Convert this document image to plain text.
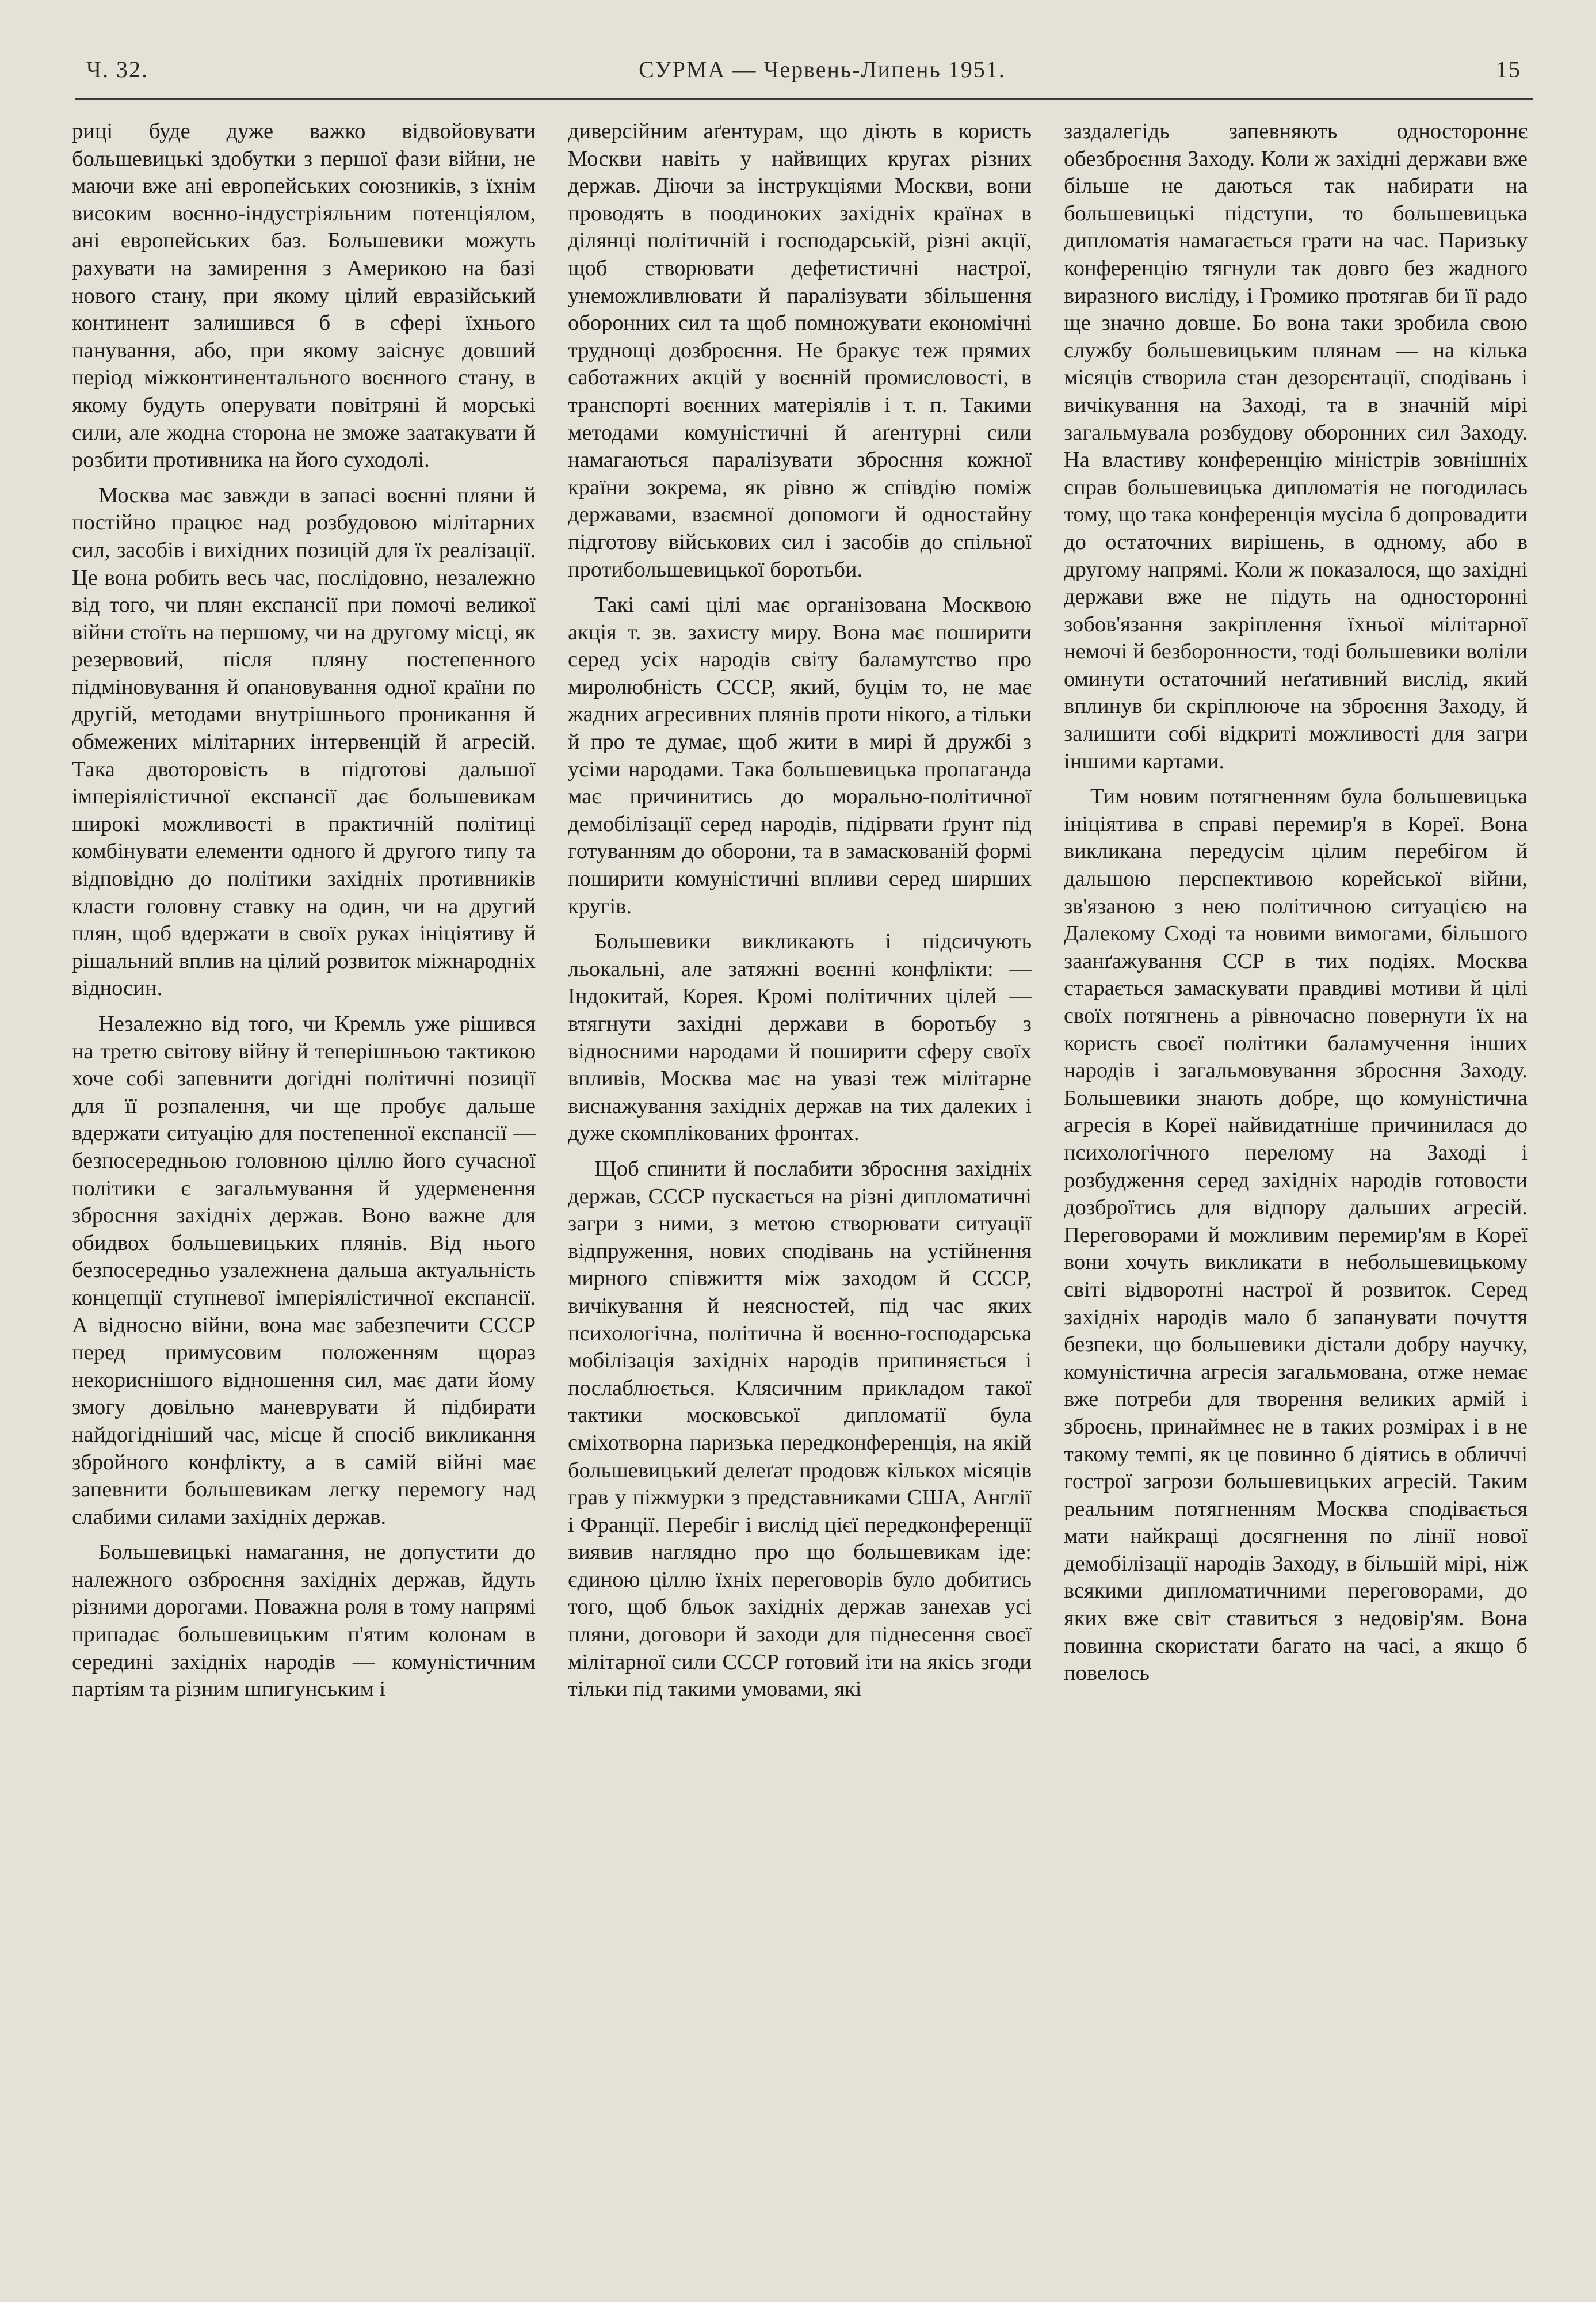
Ч. 32.	СУРМА — Червень-Липень 1951.	15

риці буде дуже важко відвойовувати большевицькі здобутки з першої фази війни, не маючи вже ані европейських союзників, з їхнім високим воєнно-індустріяльним потенціялом, ані европейських баз. Большевики можуть рахувати на замирення з Америкою на базі нового стану, при якому цілий евразійський континент залишився б в сфері їхнього панування, або, при якому заіснує довший період міжконтинентального воєнного стану, в якому будуть оперувати повітряні й морські сили, але жодна сторона не зможе заатакувати й розбити противника на його суходолі.

Москва має завжди в запасі воєнні пляни й постійно працює над розбудовою мілітарних сил, засобів і вихідних позицій для їх реалізації. Це вона робить весь час, послідовно, незалежно від того, чи плян експансії при помочі великої війни стоїть на першому, чи на другому місці, як резервовий, після пляну постепенного підміновування й опановування одної країни по другій, методами внутрішнього проникання й обмежених мілітарних інтервенцій й агресій. Така двоторовість в підготові дальшої імперіялістичної експансії дає большевикам широкі можливості в практичній політиці комбінувати елементи одного й другого типу та відповідно до політики західніх противників класти головну ставку на один, чи на другий плян, щоб вдержати в своїх руках ініціятиву й рішальний вплив на цілий розвиток міжнародніх відносин.

Незалежно від того, чи Кремль уже рішився на третю світову війну й теперішньою тактикою хоче собі запевнити догідні політичні позиції для її розпалення, чи ще пробує дальше вдержати ситуацію для постепенної експансії — безпосередньою головною ціллю його сучасної політики є загальмування й удерменення збросння західніх держав. Воно важне для обидвох большевицьких плянів. Від нього безпосередньо узалежнена дальша актуальність концепції ступневої імперіялістичної експансії. А відносно війни, вона має забезпечити СССР перед примусовим положенням щораз некориснішого відношення сил, має дати йому змогу довільно маневрувати й підбирати найдогідніший час, місце й спосіб викликання збройного конфлікту, а в самій війні має запевнити большевикам легку перемогу над слабими силами західніх держав.

Большевицькі намагання, не допустити до належного озброєння західніх держав, йдуть різними дорогами. Поважна роля в тому напрямі припадає большевицьким п'ятим колонам в середині західніх народів — комуністичним партіям та різним шпигунським і

диверсійним аґентурам, що діють в користь Москви навіть у найвищих кругах різних держав. Діючи за інструкціями Москви, вони проводять в поодиноких західніх країнах в ділянці політичній і господарській, різні акції, щоб створювати дефетистичні настрої, унеможливлювати й паралізувати збільшення оборонних сил та щоб помножувати економічні труднощі дозброєння. Не бракує теж прямих саботажних акцій у воєнній промисловості, в транспорті воєнних матеріялів і т. п. Такими методами комуністичні й аґентурні сили намагаються паралізувати збросння кожної країни зокрема, як рівно ж співдію поміж державами, взаємної допомоги й одностайну підготову військових сил і засобів до спільної протибольшевицької боротьби.

Такі самі цілі має організована Москвою акція т. зв. захисту миру. Вона має поширити серед усіх народів світу баламутство про миролюбність СССР, який, буцім то, не має жадних агресивних плянів проти нікого, а тільки й про те думає, щоб жити в мирі й дружбі з усіми народами. Така большевицька пропаганда має причинитись до морально-політичної демобілізації серед народів, підірвати ґрунт під готуванням до оборони, та в замаскованій формі поширити комуністичні впливи серед ширших кругів.

Большевики викликають і підсичують льокальні, але затяжні воєнні конфлікти: — Індокитай, Корея. Кромі політичних цілей — втягнути західні держави в боротьбу з відносними народами й поширити сферу своїх впливів, Москва має на увазі теж мілітарне виснажування західніх держав на тих далеких і дуже скомплікованих фронтах.

Щоб спинити й послабити збросння західніх держав, СССР пускається на різні дипломатичні загри з ними, з метою створювати ситуації відпруження, нових сподівань на устійнення мирного співжиття між заходом й СССР, вичікування й неясностей, під час яких психологічна, політична й воєнно-господарська мобілізація західніх народів припиняється і послаблюється. Клясичним прикладом такої тактики московської дипломатії була сміхотворна паризька передконференція, на якій большевицький делеґат продовж кількох місяців грав у піжмурки з представниками США, Англії і Франції. Перебіг і вислід цієї передконференції виявив наглядно про що большевикам іде: єдиною ціллю їхніх переговорів було добитись того, щоб бльок західніх держав занехав усі пляни, договори й заходи для піднесення своєї мілітарної сили СССР готовий іти на якісь згоди тільки під такими умовами, які

заздалегідь запевняють одностороннє обезброєння Заходу. Коли ж західні держави вже більше не даються так набирати на большевицькі підступи, то большевицька дипломатія намагається грати на час. Паризьку конференцію тягнули так довго без жадного виразного висліду, і Громико протягав би її радо ще значно довше. Бо вона таки зробила свою службу большевицьким плянам — на кілька місяців створила стан дезорєнтації, сподівань і вичікування на Заході, та в значній мірі загальмувала розбудову оборонних сил Заходу. На властиву конференцію міністрів зовнішніх справ большевицька дипломатія не погодилась тому, що така конференція мусіла б допровадити до остаточних вирішень, в одному, або в другому напрямі. Коли ж показалося, що західні держави вже не підуть на односторонні зобов'язання закріплення їхньої мілітарної немочі й безборонности, тоді большевики воліли оминути остаточний неґативний вислід, який вплинув би скріплююче на зброєння Заходу, й залишити собі відкриті можливості для загри іншими картами.

Тим новим потягненням була большевицька ініціятива в справі перемир'я в Кореї. Вона викликана передусім цілим перебігом й дальшою перспективою корейської війни, зв'язаною з нею політичною ситуацією на Далекому Сході та новими вимогами, більшого заанґажування ССР в тих подіях. Москва старається замаскувати правдиві мотиви й цілі своїх потягнень а рівночасно повернути їх на користь своєї політики баламучення інших народів і загальмовування збросння Заходу. Большевики знають добре, що комуністична агресія в Кореї найвидатніше причинилася до психологічного перелому на Заході і розбудження серед західніх народів готовости дозброїтись для відпору дальших агресій. Переговорами й можливим перемир'ям в Кореї вони хочуть викликати в небольшевицькому світі відворотні настрої й розвиток. Серед західніх народів мало б запанувати почуття безпеки, що большевики дістали добру научку, комуністична агресія загальмована, отже немає вже потреби для творення великих армій і зброєнь, принаймнеє не в таких розмірах і в не такому темпі, як це повинно б діятись в обличчі гострої загрози большевицьких агресій. Таким реальним потягненням Москва сподівається мати найкращі досягнення по лінії нової демобілізації народів Заходу, в більшій мірі, ніж всякими дипломатичними переговорами, до яких вже світ ставиться з недовір'ям. Вона повинна скористати багато на часі, а якщо б повелось
